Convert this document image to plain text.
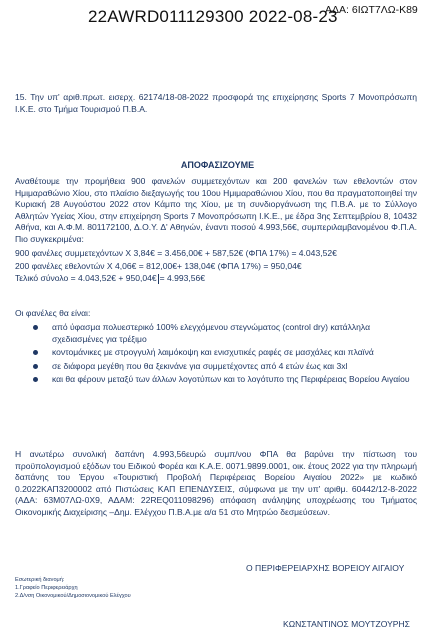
22AWRD011129300 2022-08-23
ΑΔΑ: 6ΙΩΤ7ΛΩ-Κ89
15. Την υπ' αριθ.πρωτ. εισερχ. 62174/18-08-2022 προσφορά της επιχείρησης Sports 7 Μονοπρόσωπη Ι.Κ.Ε. στο Τμήμα Τουρισμού Π.Β.Α.
ΑΠΟΦΑΣΙΖΟΥΜΕ
Αναθέτουμε την προμήθεια 900 φανελών συμμετεχόντων και 200 φανελών των εθελοντών στον Ημιμαραθώνιο Χίου, στο πλαίσιο διεξαγωγής του 10ου Ημιμαραθώνιου Χίου, που θα πραγματοποιηθεί την Κυριακή 28 Αυγούστου 2022 στον Κάμπο της Χίου, με τη συνδιοργάνωση της Π.Β.Α. με το Σύλλογο Αθλητών Υγείας Χίου, στην επιχείρηση Sports 7 Μονοπρόσωπη Ι.Κ.Ε., με έδρα 3ης Σεπτεμβρίου 8, 10432 Αθήνα, και Α.Φ.Μ. 801172100, Δ.Ο.Υ. Δ' Αθηνών, έναντι ποσού 4.993,56€, συμπεριλαμβανομένου Φ.Π.Α. Πιο συγκεκριμένα:
900 φανέλες συμμετεχόντων Χ 3,84€ = 3.456,00€ + 587,52€ (ΦΠΑ 17%) = 4.043,52€
200 φανέλες εθελοντών Χ 4,06€ = 812,00€+ 138,04€ (ΦΠΑ 17%) = 950,04€
Τελικό σύνολο = 4.043,52€ + 950,04€ = 4.993,56€
Οι φανέλες θα είναι:
από ύφασμα πολυεστερικό 100% ελεγχόμενου στεγνώματος (control dry) κατάλληλα σχεδιασμένες για τρέξιμο
κοντομάνικες με στρογγυλή λαιμόκοψη και ενισχυτικές ραφές σε μασχάλες και πλαϊνά
σε διάφορα μεγέθη που θα ξεκινάνε για συμμετέχοντες από 4 ετών έως και 3xl
και θα φέρουν μεταξύ των άλλων λογοτύπων και το λογότυπο της Περιφέρειας Βορείου Αιγαίου
Η ανωτέρω συνολική δαπάνη 4.993,56ευρώ συμπ/νου ΦΠΑ θα βαρύνει την πίστωση του προϋπολογισμού εξόδων του Ειδικού Φορέα και Κ.Α.Ε. 0071.9899.0001, οικ. έτους 2022 για την πληρωμή δαπάνης του Έργου «Τουριστική Προβολή Περιφέρειας Βορείου Αιγαίου 2022» με κωδικό 0.2022ΚΑΠ3200002 από Πιστώσεις ΚΑΠ ΕΠΕΝΔΥΣΕΙΣ, σύμφωνα με την υπ' αριθμ. 60442/12-8-2022 (ΑΔΑ: 63Μ07ΛΩ-0Χ9, ΑΔΑΜ: 22REQ011098296) απόφαση ανάληψης υποχρέωσης του Τμήματος Οικονομικής Διαχείρισης –Δημ. Ελέγχου Π.Β.Α.με α/α 51 στο Μητρώο δεσμεύσεων.
Ο ΠΕΡΙΦΕΡΕΙΑΡΧΗΣ ΒΟΡΕΙΟΥ ΑΙΓΑΙΟΥ
Εσωτερική διανομή:
1.Γραφείο Περιφερειάρχη
2.Δ/νση Οικονομικού/Δημοσιονομικού Ελέγχου
ΚΩΝΣΤΑΝΤΙΝΟΣ ΜΟΥΤΖΟΥΡΗΣ
